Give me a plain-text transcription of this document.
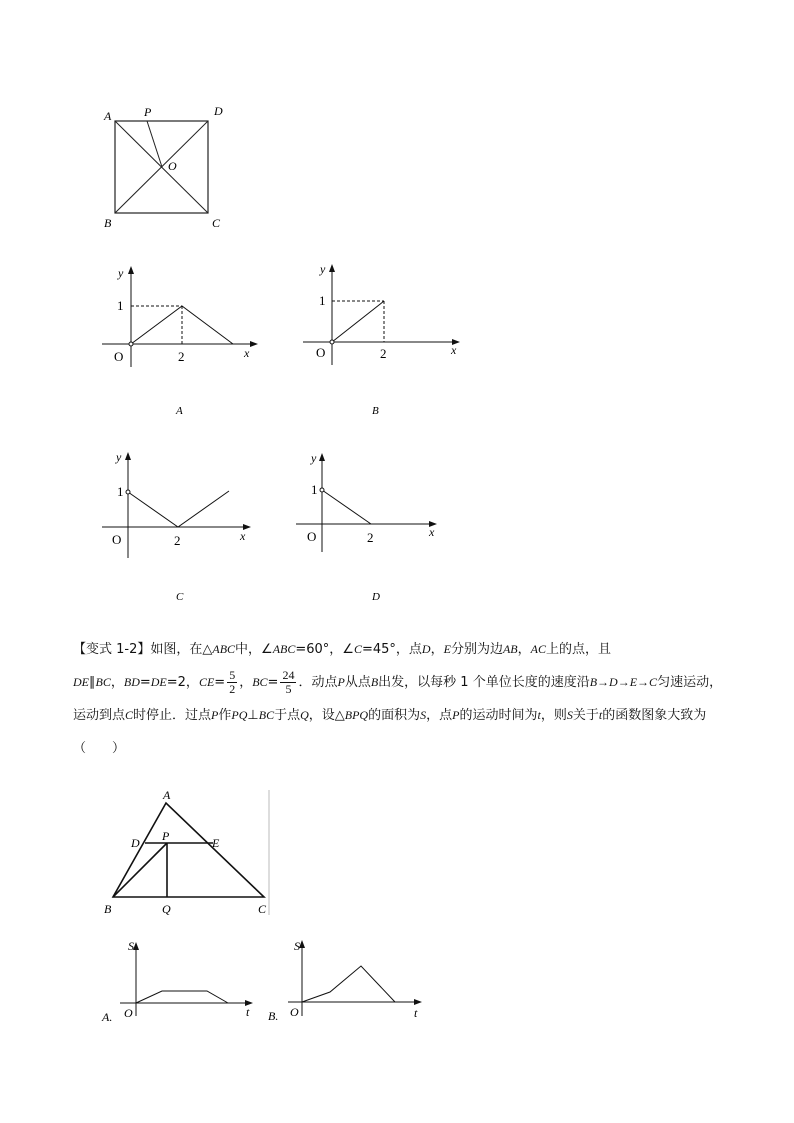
A	P	D
O
B	C
y
x
O
1
2
A
y
x
O
1
2
B
y
x
O
1
2
C
y
x
O
1
2
D
【变式 1-2】如图，在△ABC中，∠ABC=60°，∠C=45°，点D，E分别为边AB，AC上的点，且
DE∥BC，BD=DE=2，$CE= \frac{5}{2}$ ，$BC= \frac{24}{5}$ ．动点P从点B出发，以每秒 1 个单位长度的速度沿B→D→E→C匀速运动，运动到点C时停止．过点P作PQ⊥BC于点Q，设△BPQ的面积为S，点P的运动时间为t，则S关于t的函数图象大致为（　　）
A
D P	E
B	Q	C
S
t
O
A.
S
t
O
B.
